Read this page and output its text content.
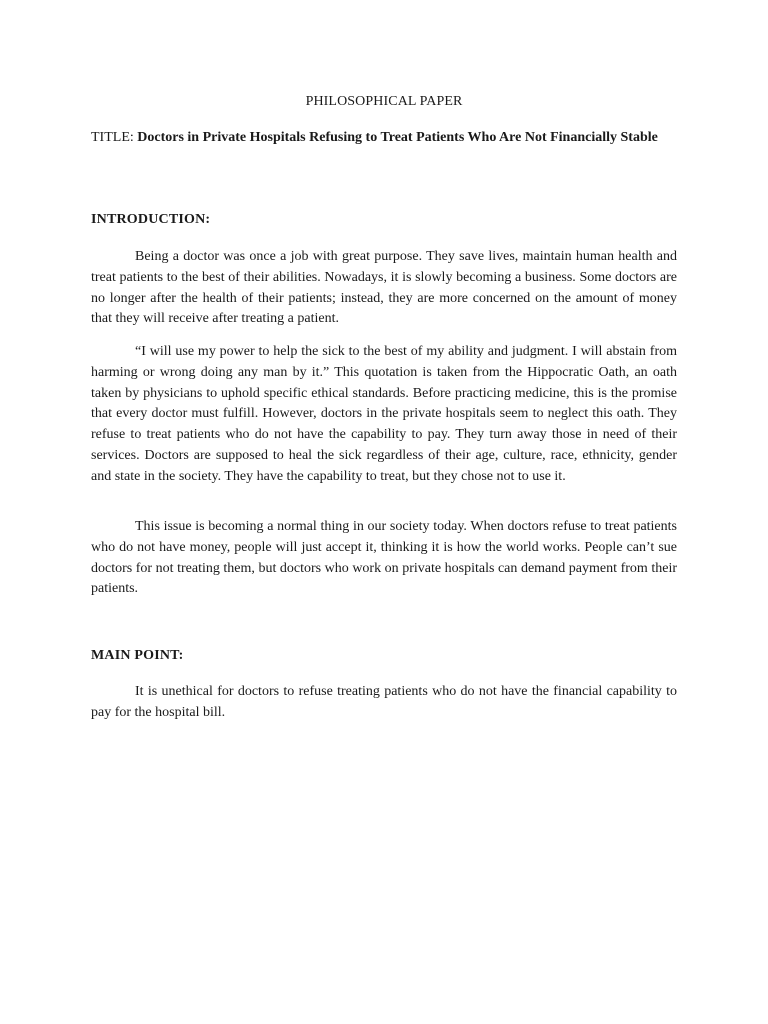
PHILOSOPHICAL PAPER
TITLE: Doctors in Private Hospitals Refusing to Treat Patients Who Are Not Financially Stable
INTRODUCTION:

Being a doctor was once a job with great purpose. They save lives, maintain human health and treat patients to the best of their abilities. Nowadays, it is slowly becoming a business. Some doctors are no longer after the health of their patients; instead, they are more concerned on the amount of money that they will receive after treating a patient.

“I will use my power to help the sick to the best of my ability and judgment. I will abstain from harming or wrong doing any man by it.” This quotation is taken from the Hippocratic Oath, an oath taken by physicians to uphold specific ethical standards. Before practicing medicine, this is the promise that every doctor must fulfill. However, doctors in the private hospitals seem to neglect this oath. They refuse to treat patients who do not have the capability to pay. They turn away those in need of their services. Doctors are supposed to heal the sick regardless of their age, culture, race, ethnicity, gender and state in the society. They have the capability to treat, but they chose not to use it.

This issue is becoming a normal thing in our society today. When doctors refuse to treat patients who do not have money, people will just accept it, thinking it is how the world works. People can’t sue doctors for not treating them, but doctors who work on private hospitals can demand payment from their patients.

MAIN POINT:

It is unethical for doctors to refuse treating patients who do not have the financial capability to pay for the hospital bill.
